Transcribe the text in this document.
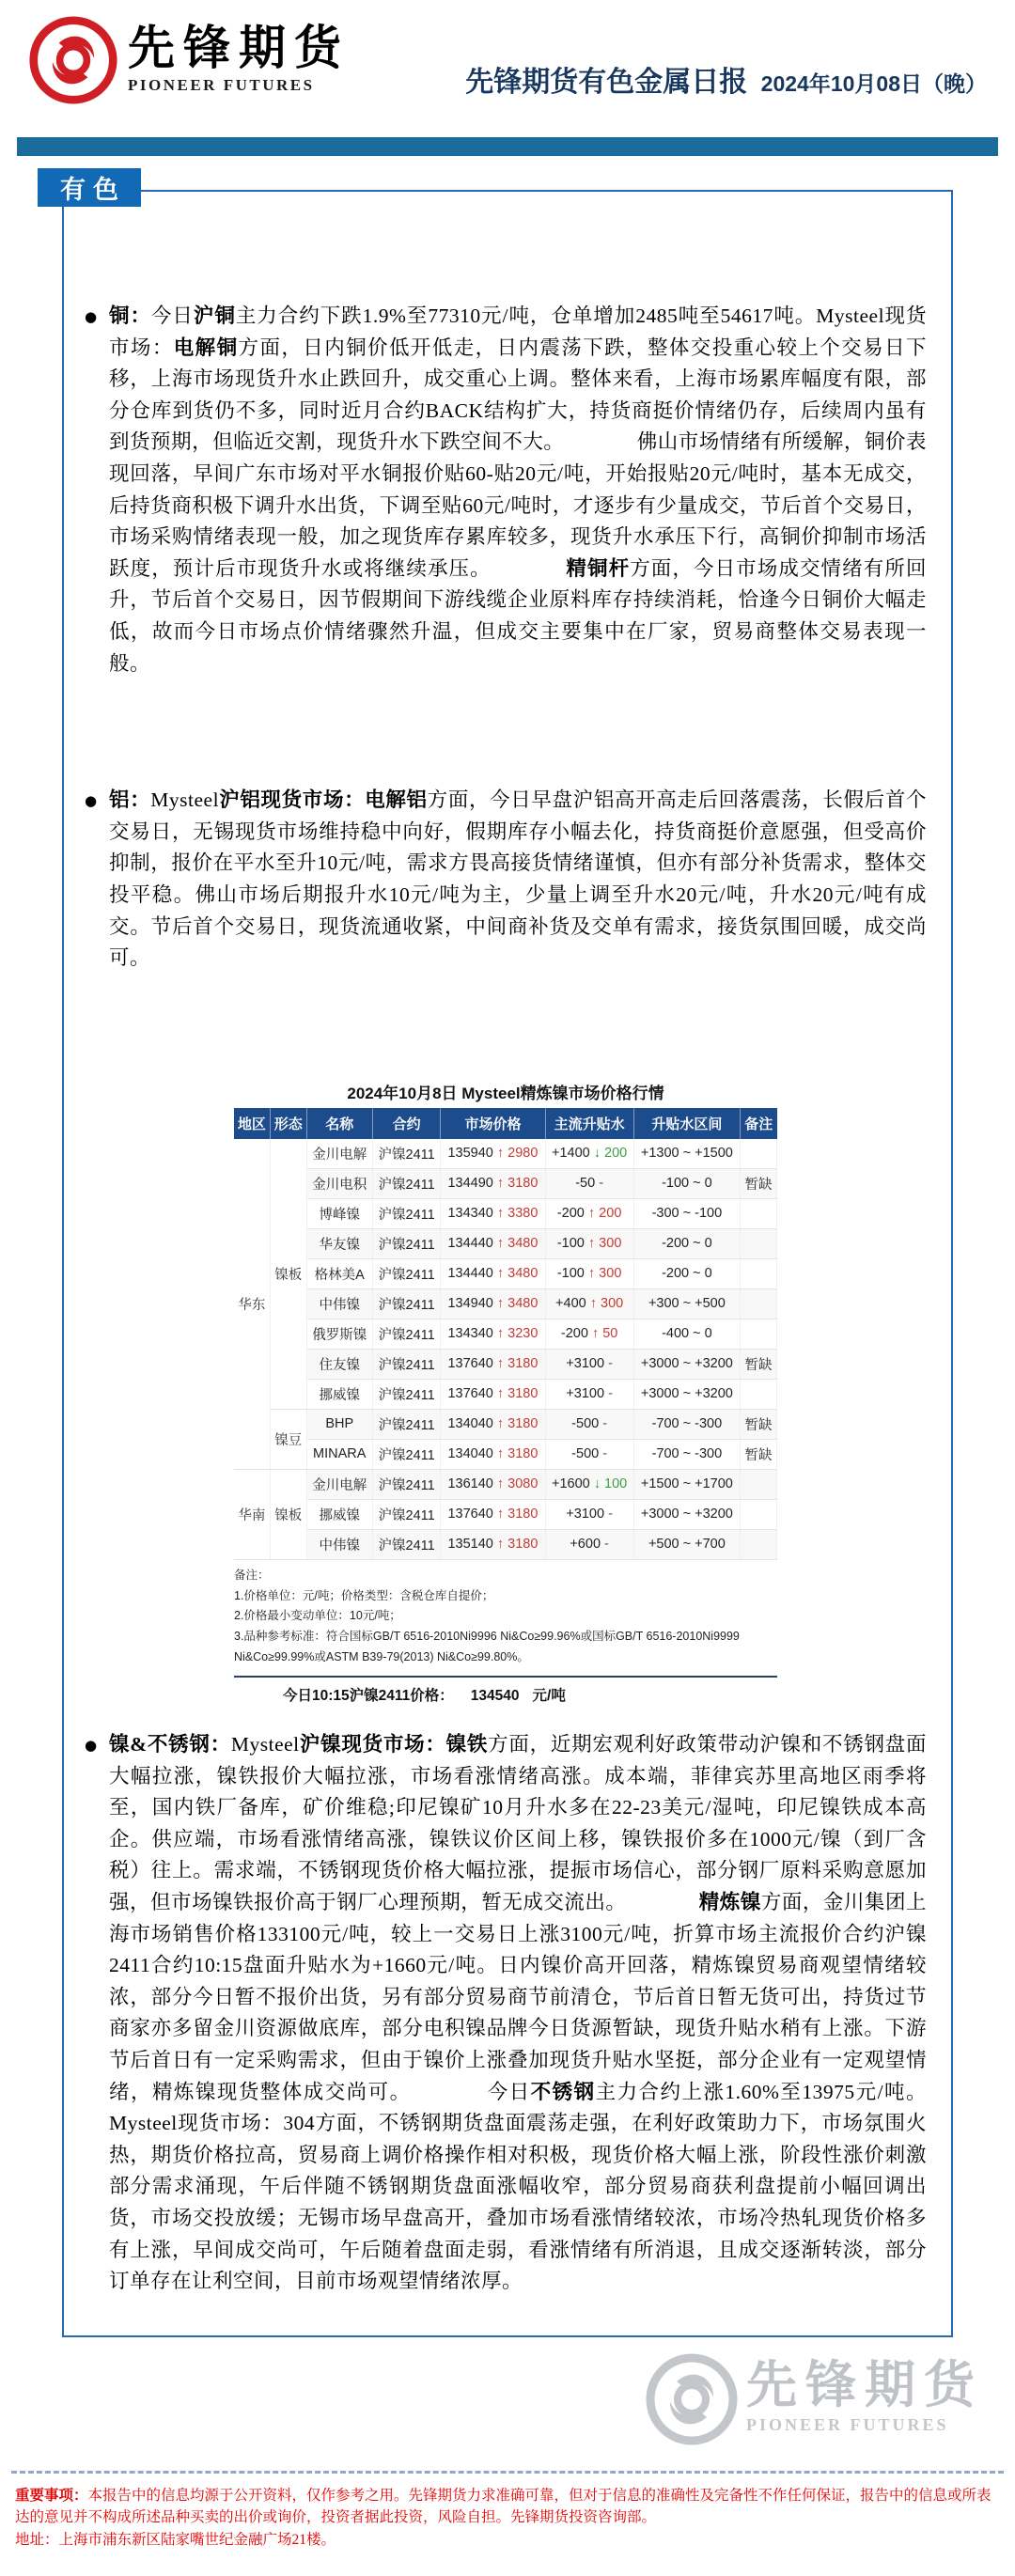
先锋期货
PIONEER FUTURES	先锋期货有色金属日报 2024年10月08日（晚）
有色
● 铜：今日沪铜主力合约下跌1.9%至77310元/吨，仓单增加2485吨至54617吨。Mysteel现货市场：电解铜方面，日内铜价低开低走，日内震荡下跌，整体交投重心较上个交易日下移，上海市场现货升水止跌回升，成交重心上调。整体来看，上海市场累库幅度有限，部分仓库到货仍不多，同时近月合约BACK结构扩大，持货商挺价情绪仍存，后续周内虽有到货预期，但临近交割，现货升水下跌空间不大。　　　　	佛山市场情绪有所缓解，铜价表现回落，早间广东市场对平水铜报价贴60-贴20元/吨，开始报贴20元/吨时，基本无成交，后持货商积极下调升水出货，下调至贴60元/吨时，才逐步有少量成交，节后首个交易日，市场采购情绪表现一般，加之现货库存累库较多，现货升水承压下行，高铜价抑制市场活跃度，预计后市现货升水或将继续承压。　　　　	精铜杆方面，今日市场成交情绪有所回升，节后首个交易日，因节假期间下游线缆企业原料库存持续消耗，恰逢今日铜价大幅走低，故而今日市场点价情绪骤然升温，但成交主要集中在厂家，贸易商整体交易表现一般。
● 铝：Mysteel沪铝现货市场：电解铝方面，今日早盘沪铝高开高走后回落震荡，长假后首个交易日，无锡现货市场维持稳中向好，假期库存小幅去化，持货商挺价意愿强，但受高价抑制，报价在平水至升10元/吨，需求方畏高接货情绪谨慎，但亦有部分补货需求，整体交投平稳。佛山市场后期报升水10元/吨为主，少量上调至升水20元/吨，升水20元/吨有成交。节后首个交易日，现货流通收紧，中间商补货及交单有需求，接货氛围回暖，成交尚可。
2024年10月8日 Mysteel精炼镍市场价格行情
地区	形态	名称	合约	市场价格	主流升贴水	升贴水区间	备注
华东	镍板	金川电解	沪镍2411	135940 ↑ 2980	+1400 ↓ 200	+1300 ~ +1500	
		金川电积	沪镍2411	134490 ↑ 3180	-50 -	-100 ~ 0	暂缺
		博峰镍	沪镍2411	134340 ↑ 3380	-200 ↑ 200	-300 ~ -100	
		华友镍	沪镍2411	134440 ↑ 3480	-100 ↑ 300	-200 ~ 0	
		格林美A	沪镍2411	134440 ↑ 3480	-100 ↑ 300	-200 ~ 0	
		中伟镍	沪镍2411	134940 ↑ 3480	+400 ↑ 300	+300 ~ +500	
		俄罗斯镍	沪镍2411	134340 ↑ 3230	-200 ↑ 50	-400 ~ 0	
		住友镍	沪镍2411	137640 ↑ 3180	+3100 -	+3000 ~ +3200	暂缺
		挪威镍	沪镍2411	137640 ↑ 3180	+3100 -	+3000 ~ +3200	
	镍豆	BHP	沪镍2411	134040 ↑ 3180	-500 -	-700 ~ -300	暂缺
		MINARA	沪镍2411	134040 ↑ 3180	-500 -	-700 ~ -300	暂缺
华南	镍板	金川电解	沪镍2411	136140 ↑ 3080	+1600 ↓ 100	+1500 ~ +1700	
		挪威镍	沪镍2411	137640 ↑ 3180	+3100 -	+3000 ~ +3200	
		中伟镍	沪镍2411	135140 ↑ 3180	+600 -	+500 ~ +700	
备注：
1.价格单位：元/吨；价格类型：含税仓库自提价；
2.价格最小变动单位：10元/吨；
3.品种参考标准：符合国标GB/T 6516-2010Ni9996 Ni&Co≥99.96%或国标GB/T 6516-2010Ni9999 Ni&Co≥99.99%或ASTM B39-79(2013) Ni&Co≥99.80%。
今日10:15沪镍2411价格： 134540 元/吨
● 镍&不锈钢：Mysteel沪镍现货市场：镍铁方面，近期宏观利好政策带动沪镍和不锈钢盘面大幅拉涨，镍铁报价大幅拉涨，市场看涨情绪高涨。成本端，菲律宾苏里高地区雨季将至，国内铁厂备库，矿价维稳;印尼镍矿10月升水多在22-23美元/湿吨，印尼镍铁成本高企。供应端，市场看涨情绪高涨，镍铁议价区间上移，镍铁报价多在1000元/镍（到厂含税）往上。需求端，不锈钢现货价格大幅拉涨，提振市场信心，部分钢厂原料采购意愿加强，但市场镍铁报价高于钢厂心理预期，暂无成交流出。　　　　	精炼镍方面，金川集团上海市场销售价格133100元/吨，较上一交易日上涨3100元/吨，折算市场主流报价合约沪镍2411合约10:15盘面升贴水为+1660元/吨。日内镍价高开回落，精炼镍贸易商观望情绪较浓，部分今日暂不报价出货，另有部分贸易商节前清仓，节后首日暂无货可出，持货过节商家亦多留金川资源做底库，部分电积镍品牌今日货源暂缺，现货升贴水稍有上涨。下游节后首日有一定采购需求，但由于镍价上涨叠加现货升贴水坚挺，部分企业有一定观望情绪，精炼镍现货整体成交尚可。　　　　	今日不锈钢主力合约上涨1.60%至13975元/吨。Mysteel现货市场：304方面，不锈钢期货盘面震荡走强，在利好政策助力下，市场氛围火热，期货价格拉高，贸易商上调价格操作相对积极，现货价格大幅上涨，阶段性涨价刺激部分需求涌现，午后伴随不锈钢期货盘面涨幅收窄，部分贸易商获利盘提前小幅回调出货，市场交投放缓；无锡市场早盘高开，叠加市场看涨情绪较浓，市场冷热轧现货价格多有上涨，早间成交尚可，午后随着盘面走弱，看涨情绪有所消退，且成交逐渐转淡，部分订单存在让利空间，目前市场观望情绪浓厚。
先锋期货
PIONEER FUTURES
重要事项：本报告中的信息均源于公开资料，仅作参考之用。先锋期货力求准确可靠，但对于信息的准确性及完备性不作任何保证，报告中的信息或所表达的意见并不构成所述品种买卖的出价或询价，投资者据此投资，风险自担。先锋期货投资咨询部。
地址：上海市浦东新区陆家嘴世纪金融广场21楼。
